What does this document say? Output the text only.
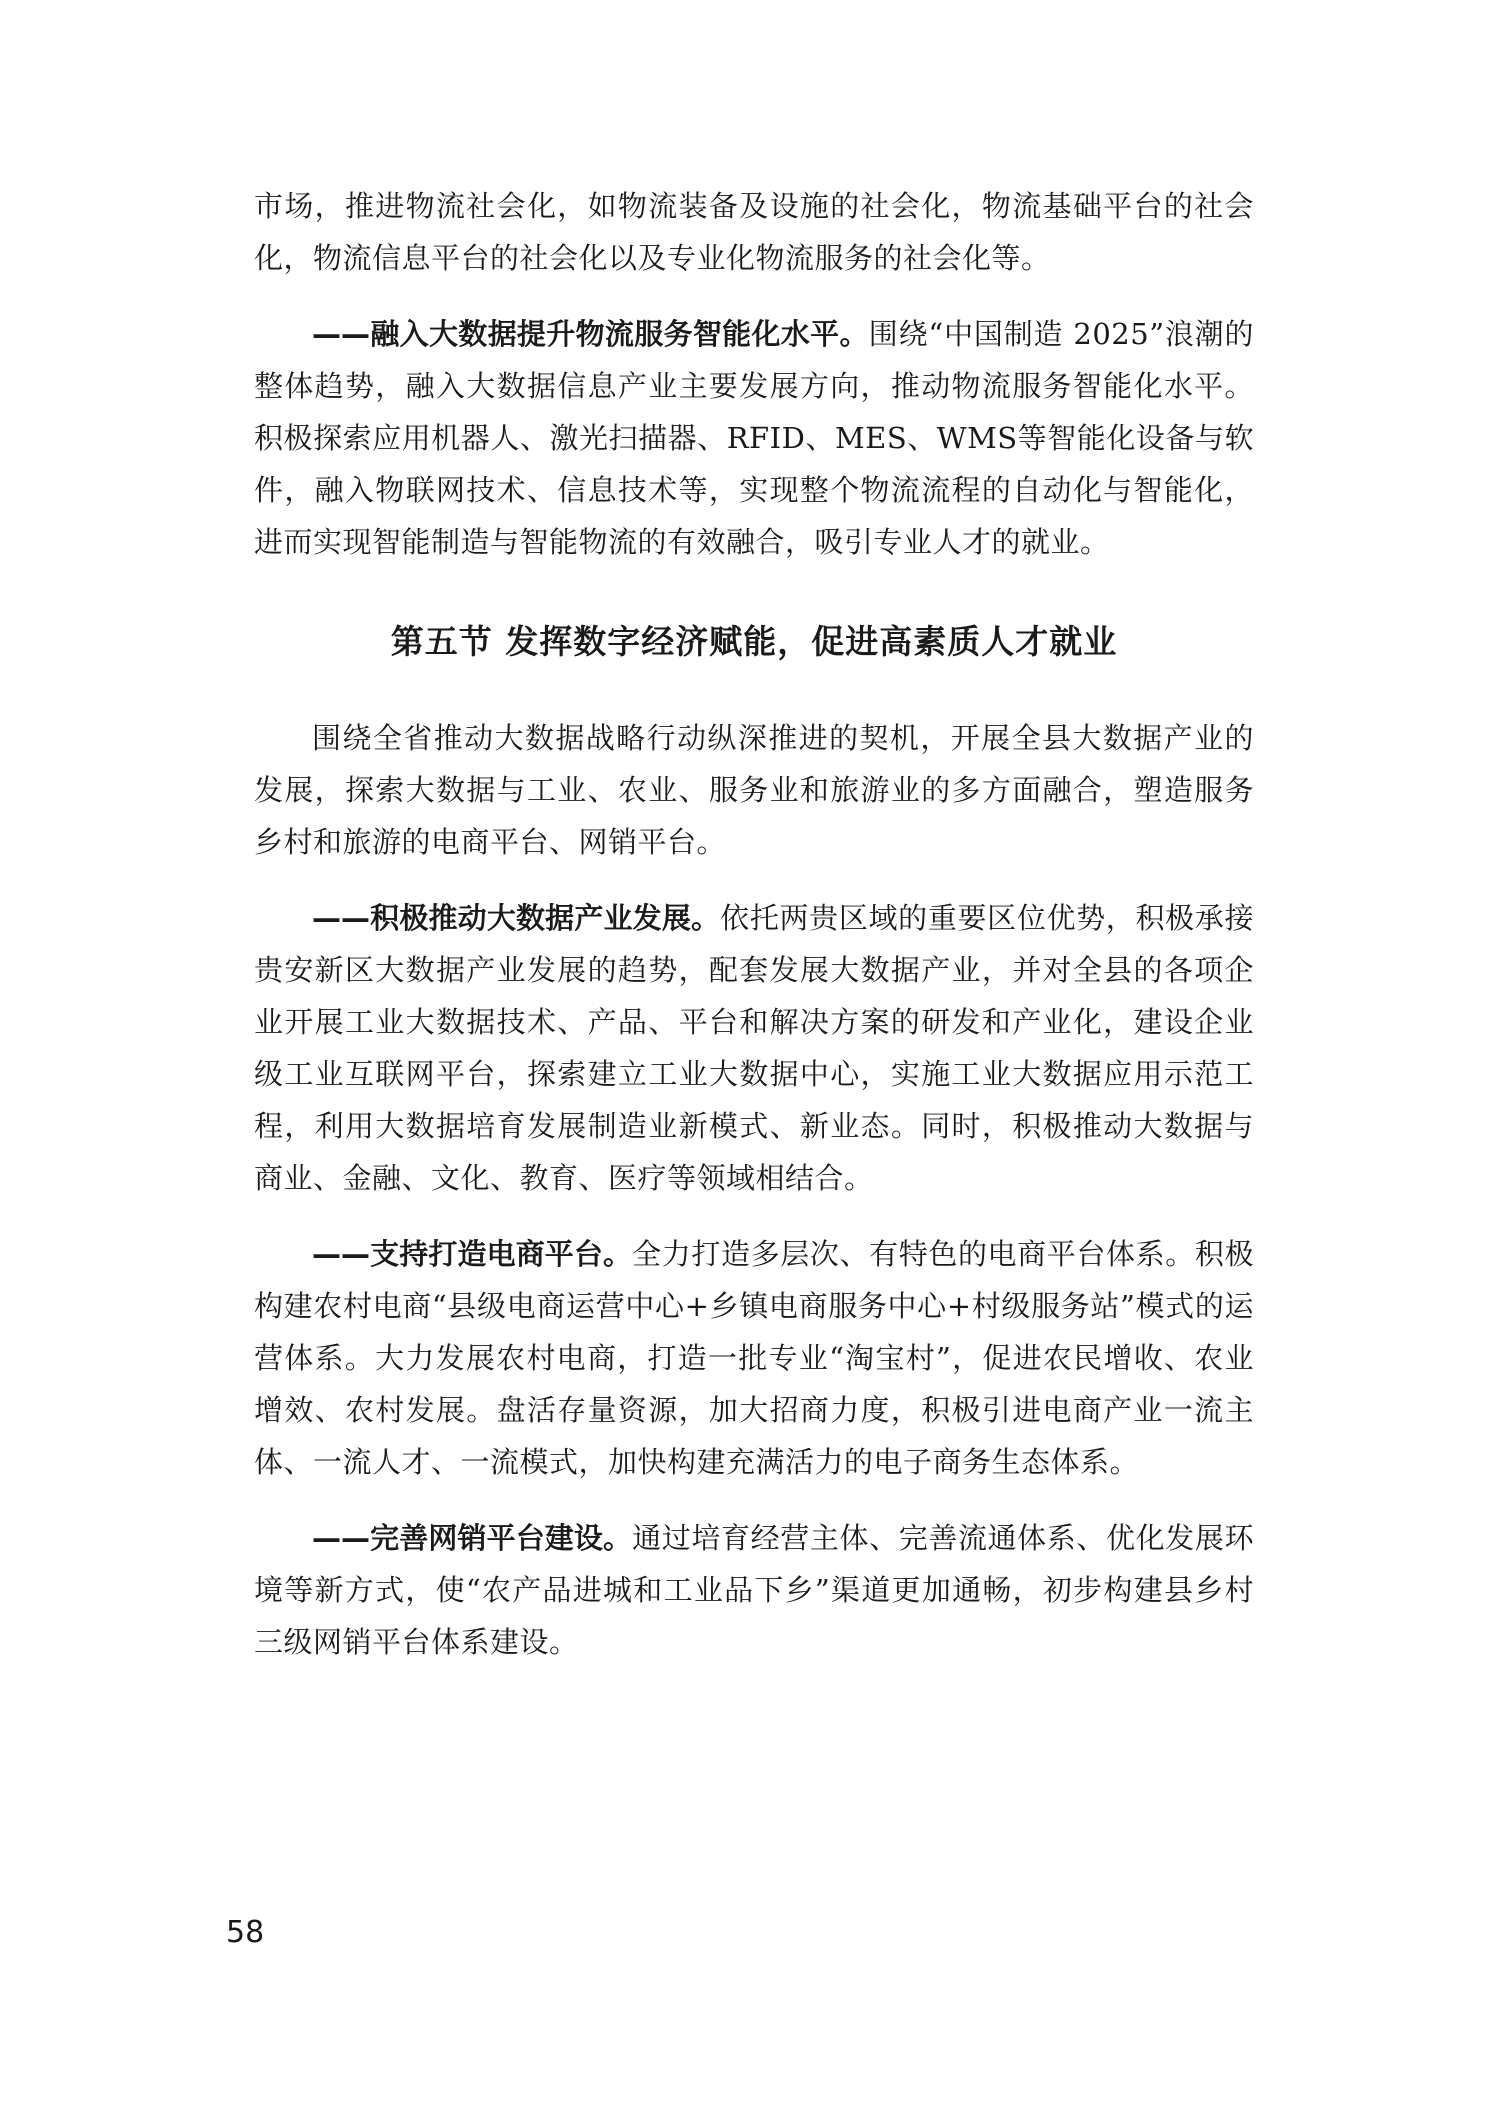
市场，推进物流社会化，如物流装备及设施的社会化，物流基础平台的社会化，物流信息平台的社会化以及专业化物流服务的社会化等。

——融入大数据提升物流服务智能化水平。围绕“中国制造 2025”浪潮的整体趋势，融入大数据信息产业主要发展方向，推动物流服务智能化水平。积极探索应用机器人、激光扫描器、RFID、MES、WMS等智能化设备与软件，融入物联网技术、信息技术等，实现整个物流流程的自动化与智能化，进而实现智能制造与智能物流的有效融合，吸引专业人才的就业。

第五节 发挥数字经济赋能，促进高素质人才就业

围绕全省推动大数据战略行动纵深推进的契机，开展全县大数据产业的发展，探索大数据与工业、农业、服务业和旅游业的多方面融合，塑造服务乡村和旅游的电商平台、网销平台。

——积极推动大数据产业发展。依托两贵区域的重要区位优势，积极承接贵安新区大数据产业发展的趋势，配套发展大数据产业，并对全县的各项企业开展工业大数据技术、产品、平台和解决方案的研发和产业化，建设企业级工业互联网平台，探索建立工业大数据中心，实施工业大数据应用示范工程，利用大数据培育发展制造业新模式、新业态。同时，积极推动大数据与商业、金融、文化、教育、医疗等领域相结合。

——支持打造电商平台。全力打造多层次、有特色的电商平台体系。积极构建农村电商“县级电商运营中心+乡镇电商服务中心+村级服务站”模式的运营体系。大力发展农村电商，打造一批专业“淘宝村”，促进农民增收、农业增效、农村发展。盘活存量资源，加大招商力度，积极引进电商产业一流主体、一流人才、一流模式，加快构建充满活力的电子商务生态体系。

——完善网销平台建设。通过培育经营主体、完善流通体系、优化发展环境等新方式，使“农产品进城和工业品下乡”渠道更加通畅，初步构建县乡村三级网销平台体系建设。

58
